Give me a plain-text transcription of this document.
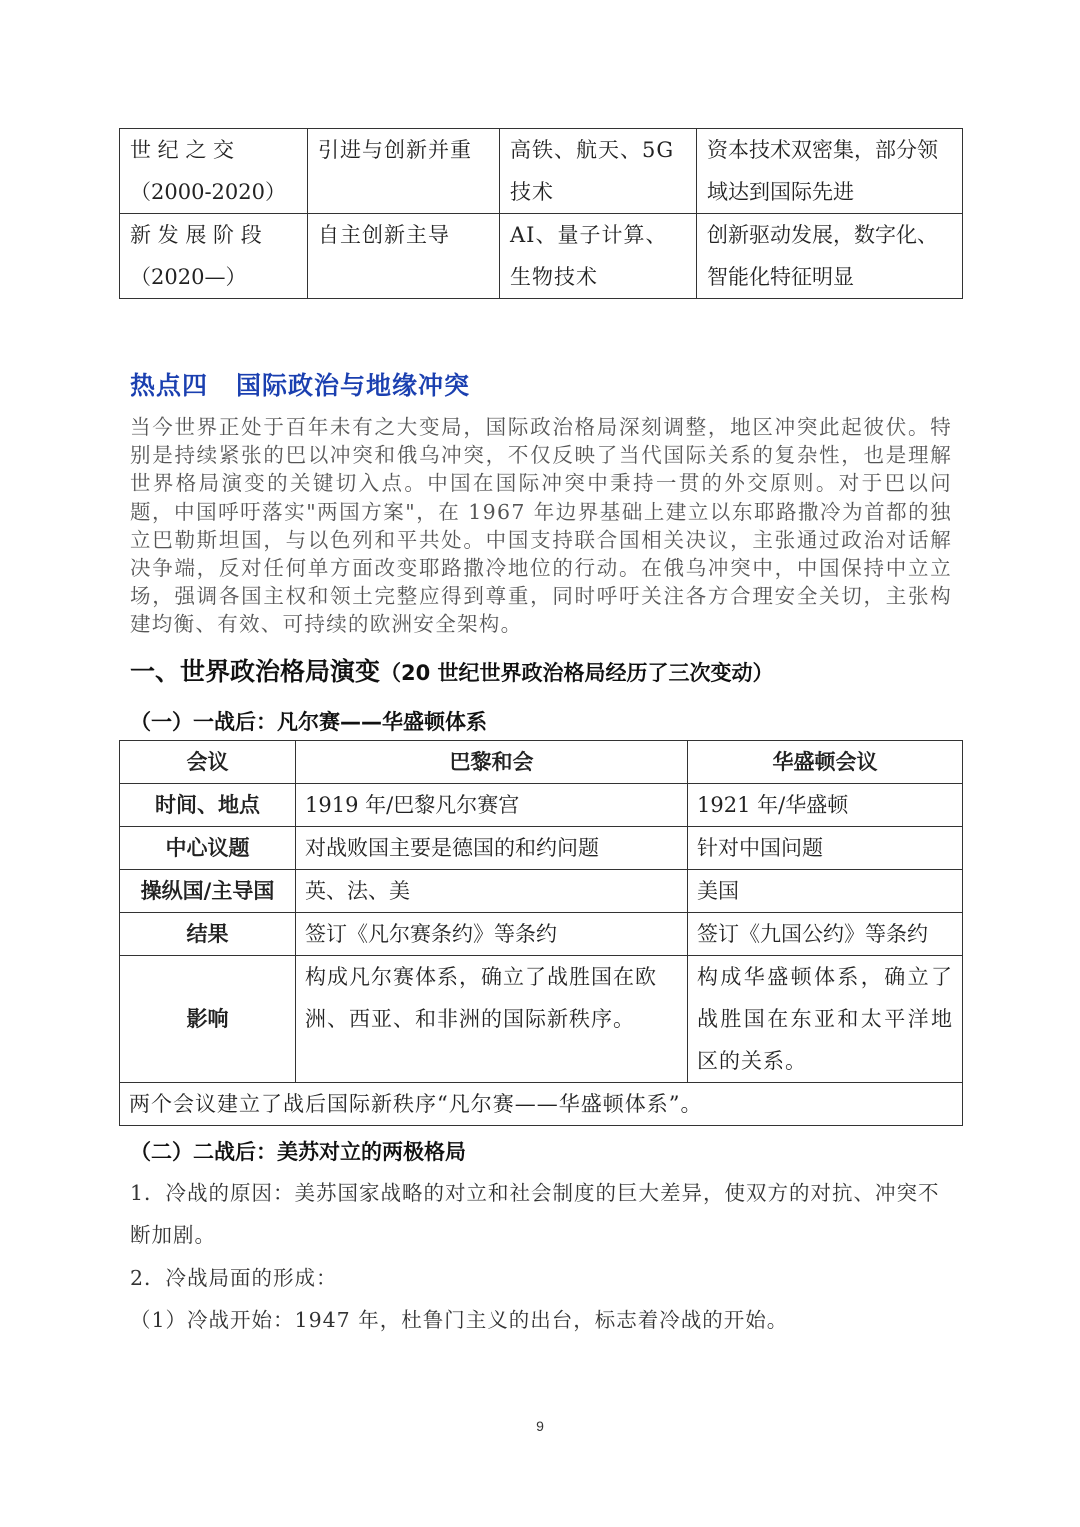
世 纪 之 交（2000-2020）	引进与创新并重	高铁、航天、5G技术	资本技术双密集，部分领域达到国际先进
新 发 展 阶 段（2020—）	自主创新主导	AI、量子计算、生物技术	创新驱动发展，数字化、智能化特征明显
热点四 国际政治与地缘冲突
当今世界正处于百年未有之大变局，国际政治格局深刻调整，地区冲突此起彼伏。特别是持续紧张的巴以冲突和俄乌冲突，不仅反映了当代国际关系的复杂性，也是理解世界格局演变的关键切入点。中国在国际冲突中秉持一贯的外交原则。对于巴以问题，中国呼吁落实"两国方案"，在 1967 年边界基础上建立以东耶路撒冷为首都的独立巴勒斯坦国，与以色列和平共处。中国支持联合国相关决议，主张通过政治对话解决争端，反对任何单方面改变耶路撒冷地位的行动。在俄乌冲突中，中国保持中立立场，强调各国主权和领土完整应得到尊重，同时呼吁关注各方合理安全关切，主张构建均衡、有效、可持续的欧洲安全架构。
一、世界政治格局演变（20 世纪世界政治格局经历了三次变动）
（一）一战后：凡尔赛——华盛顿体系
会议	巴黎和会	华盛顿会议
时间、地点	1919 年/巴黎凡尔赛宫	1921 年/华盛顿
中心议题	对战败国主要是德国的和约问题	针对中国问题
操纵国/主导国	英、法、美	美国
结果	签订《凡尔赛条约》等条约	签订《九国公约》等条约
影响	构成凡尔赛体系，确立了战胜国在欧洲、西亚、和非洲的国际新秩序。	构成华盛顿体系，确立了战胜国在东亚和太平洋地区的关系。
两个会议建立了战后国际新秩序“凡尔赛——华盛顿体系”。		
（二）二战后：美苏对立的两极格局
1．冷战的原因：美苏国家战略的对立和社会制度的巨大差异，使双方的对抗、冲突不断加剧。
2．冷战局面的形成：
（1）冷战开始：1947 年，杜鲁门主义的出台，标志着冷战的开始。
9
